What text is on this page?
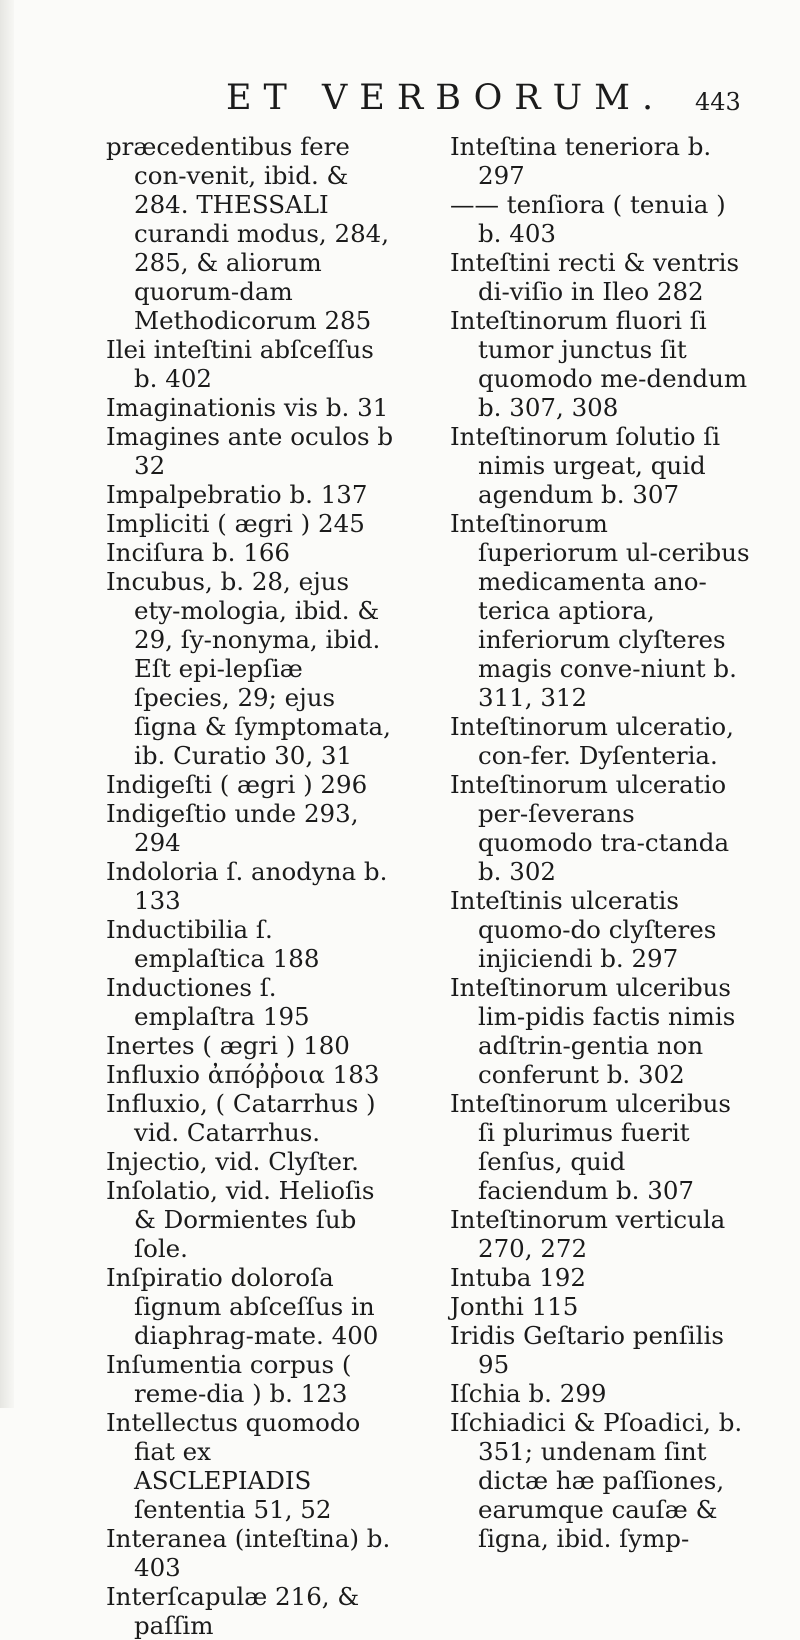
ET VERBORUM. 443

præcedentibus fere con-venit, ibid. & 284. THESSALI curandi modus, 284, 285, & aliorum quorum-dam Methodicorum 285

Ilei inteſtini abſceſſus b. 402

Imaginationis vis b. 31

Imagines ante oculos b 32

Impalpebratio b. 137

Impliciti ( ægri ) 245

Inciſura b. 166

Incubus, b. 28, ejus ety-mologia, ibid. & 29, ſy-nonyma, ibid. Eſt epi-lepſiæ ſpecies, 29; ejus ſigna & ſymptomata, ib. Curatio 30, 31

Indigeſti ( ægri ) 296

Indigeſtio unde 293, 294

Indoloria ſ. anodyna b. 133

Inductibilia ſ. emplaſtica 188

Inductiones ſ. emplaſtra 195

Inertes ( ægri ) 180

Influxio ἀπόῤῥοια 183

Influxio, ( Catarrhus ) vid. Catarrhus.

Injectio, vid. Clyſter.

Inſolatio, vid. Helioſis & Dormientes ſub ſole.

Inſpiratio doloroſa ſignum abſceſſus in diaphrag-mate. 400

Inſumentia corpus ( reme-dia ) b. 123

Intellectus quomodo fiat ex ASCLEPIADIS ſententia 51, 52

Interanea (inteſtina) b. 403

Interſcapulæ 216, & paſſim

Inteſtina teneriora b. 297

—— tenſiora ( tenuia ) b. 403

Inteſtini recti & ventris di-viſio in Ileo 282

Inteſtinorum fluori ſi tumor junctus ſit quomodo me-dendum b. 307, 308

Inteſtinorum ſolutio ſi nimis urgeat, quid agendum b. 307

Inteſtinorum ſuperiorum ul-ceribus medicamenta ano-terica aptiora, inferiorum clyſteres magis conve-niunt b. 311, 312

Inteſtinorum ulceratio, con-fer. Dyſenteria.

Inteſtinorum ulceratio per-ſeverans quomodo tra-ctanda b. 302

Inteſtinis ulceratis quomo-do clyſteres injiciendi b. 297

Inteſtinorum ulceribus lim-pidis factis nimis adſtrin-gentia non conferunt b. 302

Inteſtinorum ulceribus ſi plurimus fuerit ſenſus, quid faciendum b. 307

Inteſtinorum verticula 270, 272

Intuba 192

Jonthi 115

Iridis Geſtario penſilis 95

Iſchia b. 299

Iſchiadici & Pſoadici, b. 351; undenam ſint dictæ hæ paſſiones, earumque cauſæ & ſigna, ibid. ſymp-
